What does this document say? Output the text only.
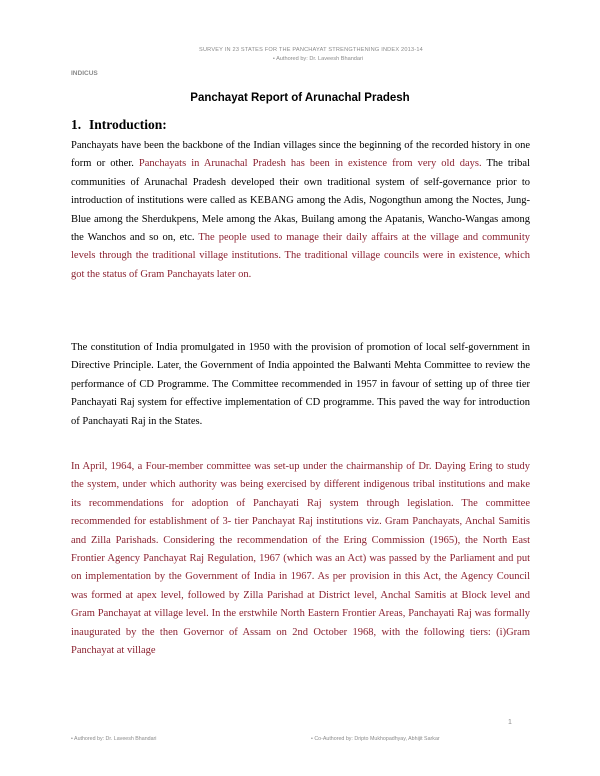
SURVEY IN 23 STATES FOR THE PANCHAYAT STRENGTHENING INDEX 2013-14
• Authored by: Dr. Laveesh Bhandari
INDICUS
Panchayat Report of Arunachal Pradesh
1. Introduction:
Panchayats have been the backbone of the Indian villages since the beginning of the recorded history in one form or other. Panchayats in Arunachal Pradesh has been in existence from very old days. The tribal communities of Arunachal Pradesh developed their own traditional system of self-governance prior to introduction of institutions were called as KEBANG among the Adis, Nogongthun among the Noctes, Jung-Blue among the Sherdukpens, Mele among the Akas, Builang among the Apatanis, Wancho-Wangas among the Wanchos and so on, etc. The people used to manage their daily affairs at the village and community levels through the traditional village institutions. The traditional village councils were in existence, which got the status of Gram Panchayats later on.
The constitution of India promulgated in 1950 with the provision of promotion of local self-government in Directive Principle. Later, the Government of India appointed the Balwanti Mehta Committee to review the performance of CD Programme. The Committee recommended in 1957 in favour of setting up of three tier Panchayati Raj system for effective implementation of CD programme. This paved the way for introduction of Panchayati Raj in the States.
In April, 1964, a Four-member committee was set-up under the chairmanship of Dr. Daying Ering to study the system, under which authority was being exercised by different indigenous tribal institutions and make its recommendations for adoption of Panchayati Raj system through legislation. The committee recommended for establishment of 3- tier Panchayat Raj institutions viz. Gram Panchayats, Anchal Samitis and Zilla Parishads. Considering the recommendation of the Ering Commission (1965), the North East Frontier Agency Panchayat Raj Regulation, 1967 (which was an Act) was passed by the Parliament and put on implementation by the Government of India in 1967. As per provision in this Act, the Agency Council was formed at apex level, followed by Zilla Parishad at District level, Anchal Samitis at Block level and Gram Panchayat at village level. In the erstwhile North Eastern Frontier Areas, Panchayati Raj was formally inaugurated by the then Governor of Assam on 2nd October 1968, with the following tiers: (i)Gram Panchayat at village
1
• Authored by: Dr. Laveesh Bhandari	• Co-Authored by: Dripto Mukhopadhyay, Abhijit Sarkar
